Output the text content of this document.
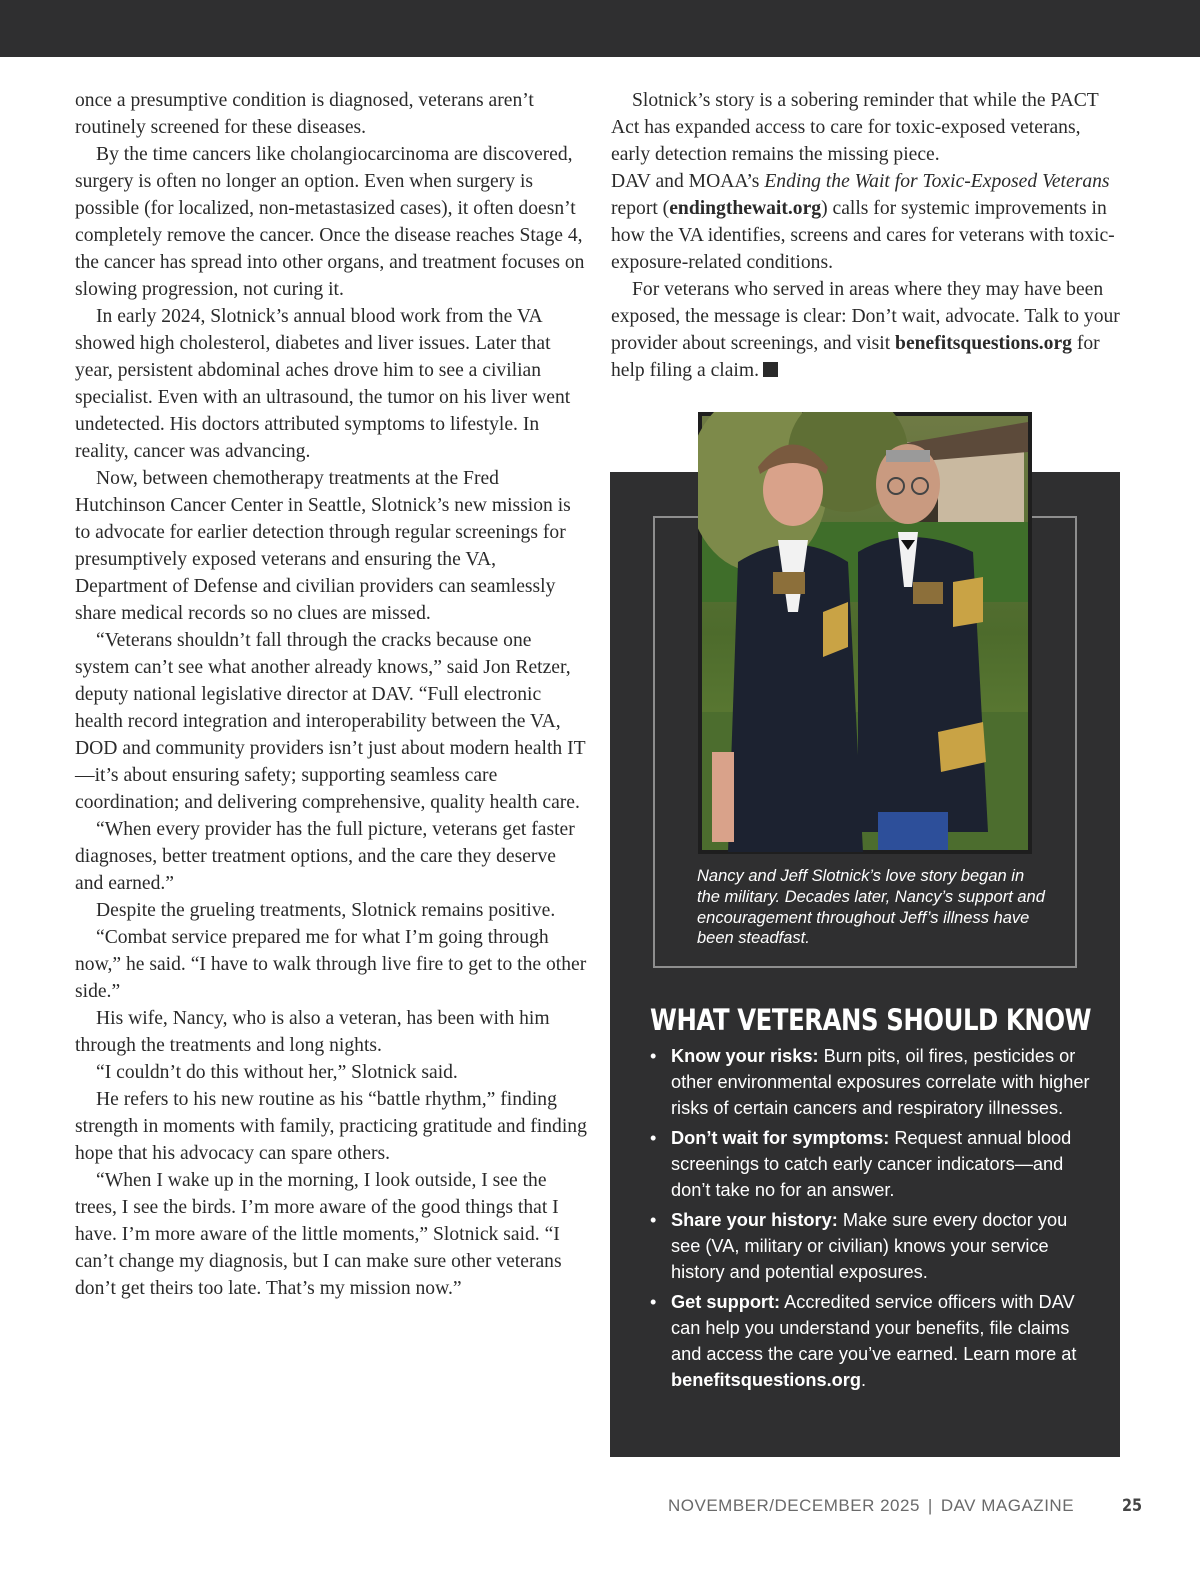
once a presumptive condition is diagnosed, veterans aren’t routinely screened for these diseases.

By the time cancers like cholangiocarcinoma are discovered, surgery is often no longer an option. Even when surgery is possible (for localized, non-metastasized cases), it often doesn’t completely remove the cancer. Once the disease reaches Stage 4, the cancer has spread into other organs, and treatment focuses on slowing progression, not curing it.

In early 2024, Slotnick’s annual blood work from the VA showed high cholesterol, diabetes and liver issues. Later that year, persistent abdominal aches drove him to see a civilian specialist. Even with an ultrasound, the tumor on his liver went undetected. His doctors attributed symptoms to lifestyle. In reality, cancer was advancing.

Now, between chemotherapy treatments at the Fred Hutchinson Cancer Center in Seattle, Slotnick’s new mission is to advocate for earlier detection through regular screenings for presumptively exposed veterans and ensuring the VA, Department of Defense and civilian providers can seamlessly share medical records so no clues are missed.

“Veterans shouldn’t fall through the cracks because one system can’t see what another already knows,” said Jon Retzer, deputy national legislative director at DAV. “Full electronic health record integration and interoperability between the VA, DOD and community providers isn’t just about modern health IT—it’s about ensuring safety; supporting seamless care coordination; and delivering comprehensive, quality health care.

“When every provider has the full picture, veterans get faster diagnoses, better treatment options, and the care they deserve and earned.”

Despite the grueling treatments, Slotnick remains positive.

“Combat service prepared me for what I’m going through now,” he said. “I have to walk through live fire to get to the other side.”

His wife, Nancy, who is also a veteran, has been with him through the treatments and long nights.

“I couldn’t do this without her,” Slotnick said.

He refers to his new routine as his “battle rhythm,” finding strength in moments with family, practicing gratitude and finding hope that his advocacy can spare others.

“When I wake up in the morning, I look outside, I see the trees, I see the birds. I’m more aware of the good things that I have. I’m more aware of the little moments,” Slotnick said. “I can’t change my diagnosis, but I can make sure other veterans don’t get theirs too late. That’s my mission now.”

Slotnick’s story is a sobering reminder that while the PACT Act has expanded access to care for toxic-exposed veterans, early detection remains the missing piece.

DAV and MOAA’s Ending the Wait for Toxic-Exposed Veterans report (endingthewait.org) calls for systemic improvements in how the VA identifies, screens and cares for veterans with toxic-exposure-related conditions.

For veterans who served in areas where they may have been exposed, the message is clear: Don’t wait, advocate. Talk to your provider about screenings, and visit benefitsquestions.org for help filing a claim.

Nancy and Jeff Slotnick’s love story began in the military. Decades later, Nancy’s support and encouragement throughout Jeff’s illness have been steadfast.
WHAT VETERANS SHOULD KNOW
• Know your risks: Burn pits, oil fires, pesticides or other environmental exposures correlate with higher risks of certain cancers and respiratory illnesses.
• Don’t wait for symptoms: Request annual blood screenings to catch early cancer indicators—and don’t take no for an answer.
• Share your history: Make sure every doctor you see (VA, military or civilian) knows your service history and potential exposures.
• Get support: Accredited service officers with DAV can help you understand your benefits, file claims and access the care you’ve earned. Learn more at benefitsquestions.org.
NOVEMBER/DECEMBER 2025 | DAV MAGAZINE	25
